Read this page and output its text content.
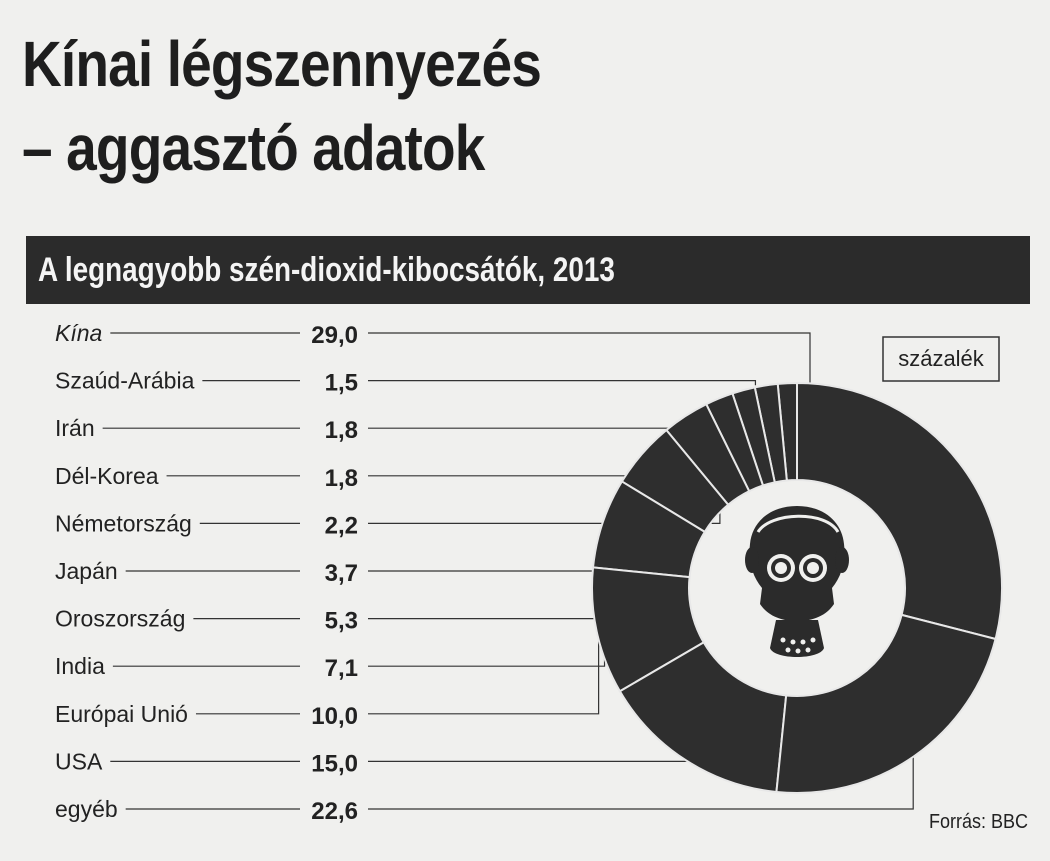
Kínai légszennyezés
– aggasztó adatok
A legnagyobb szén-dioxid-kibocsátók, 2013
Kína
Szaúd-Arábia
Irán
Dél-Korea
Németország
Japán
Oroszország
India
Európai Unió
USA
egyéb
29,0
1,5
1,8
1,8
2,2
3,7
5,3
7,1
10,0
15,0
22,6
százalék
Forrás: BBC
